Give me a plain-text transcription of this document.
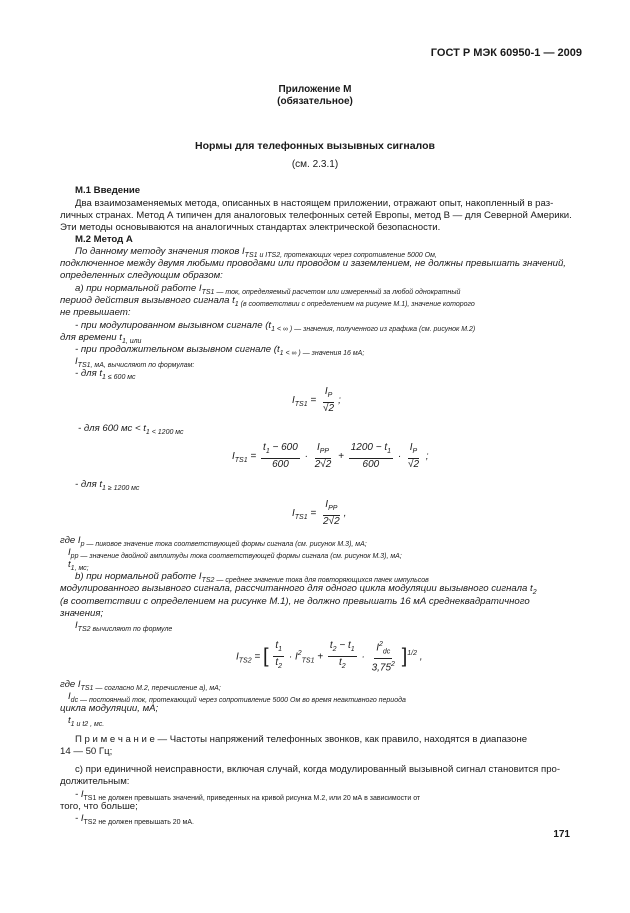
ГОСТ Р МЭК 60950-1 — 2009
Приложение М
(обязательное)
Нормы для телефонных вызывных сигналов
(см. 2.3.1)
М.1 Введение
Два взаимозаменяемых метода, описанных в настоящем приложении, отражают опыт, накопленный в раз-
личных странах. Метод А типичен для аналоговых телефонных сетей Европы, метод В — для Северной Америки.
Эти методы основываются на аналогичных стандартах электрической безопасности.
М.2 Метод А
По данному методу значения токов $I_{TS1 и ITS2, протекающих через сопротивление 5000 Ом,}$
подключенное между двумя любыми проводами или проводом и заземлением, не должны превышать значений,
определенных следующим образом:
а) при нормальной работе $I_{TS1 — ток, определяемый расчетом или измеренный за любой однократный}$
период действия вызывного сигнала $t_{1 (в соответствии с определением на рисунке М.1), значение которого}$
не превышает:
- при модулированном вызывном сигнале ($t_{1 < \infty ) — значения, полученного из графика (см. рисунок М.2)}$
для времени $t_{1, или}$
- при продолжительном вызывном сигнале ($t_{1 < \infty ) — значения 16 мА;}$
$I_{TS1, мА, вычисляют по формулам:}$
- для $t_{1 \le 600 мс}$
$I_{TS1} = \frac{I_P}{√2}$ ;
- для 600 мс < $t_{1 < 1200 мс}$
$I_{TS1} = \frac{t_1 - 600}{600} \cdot \frac{I_{PP}}{2√2} + \frac{1200 - t_1}{600} \cdot \frac{I_P}{√2}$ ;
- для $t_{1 \ge 1200 мс}$
$I_{TS1} = \frac{I_{PP}}{2√2}$ ,
где $I_{p — пиковое значение тока соответствующей формы сигнала (см. рисунок М.3), мА;}$
$I_{pp — значение двойной амплитуды тока соответствующей формы сигнала (см. рисунок М.3), мА;}$
$t_{1, мс;}$
b) при нормальной работе $I_{TS2 — среднее значение тока для повторяющихся пачек импульсов}$
модулированного вызывного сигнала, рассчитанного для одного цикла модуляции вызывного сигнала $t_2$
(в соответствии с определением на рисунке М.1), не должно превышать 16 мА среднеквадратичного
значения;
$I_{TS2 вычисляют по формуле}$
$I_{TS2}$ = [ $\frac{t_1}{t_2} \cdot I^2_{TS1} + \frac{t_2 - t_1}{t_2} \cdot \frac{I^2_{dc}}{3,75^2} ]^{1/2}$ ,
где $I_{TS1 — согласно М.2, перечисление а), мА;}$
$I_{dc — постоянный ток, протекающий через сопротивление 5000 Ом во время неактивного периода}$
цикла модуляции, мА;
$t_{1 и t2 , мс.}$
П р и м е ч а н и е — Частоты напряжений телефонных звонков, как правило, находятся в диапазоне
14 — 50 Гц;
с) при единичной неисправности, включая случай, когда модулированный вызывной сигнал становится про-
должительным:
- $I_{TS1 не должен превышать значений, приведенных на кривой рисунка М.2, или 20 мА в зависимости от}$
того, что больше;
- $I_{TS2 не должен превышать 20 мА.}$
171
